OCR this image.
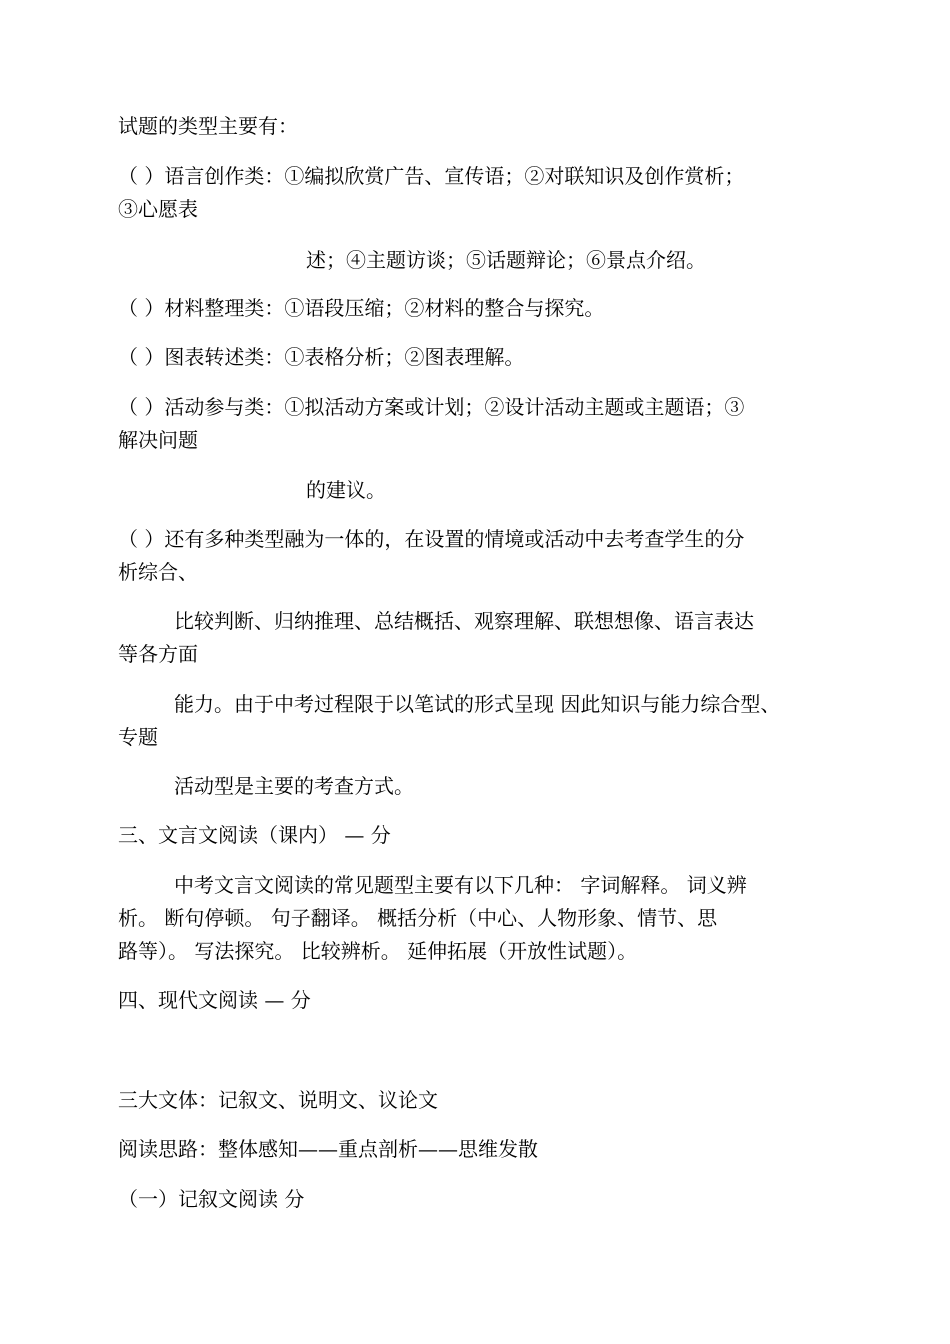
试题的类型主要有：
（ ）语言创作类：①编拟欣赏广告、宣传语；②对联知识及创作赏析；
③心愿表
述；④主题访谈；⑤话题辩论；⑥景点介绍。
（ ）材料整理类：①语段压缩；②材料的整合与探究。
（ ）图表转述类：①表格分析；②图表理解。
（ ）活动参与类：①拟活动方案或计划；②设计活动主题或主题语；③
解决问题
的建议。
（ ）还有多种类型融为一体的，在设置的情境或活动中去考查学生的分
析综合、
比较判断、归纳推理、总结概括、观察理解、联想想像、语言表达
等各方面
能力。由于中考过程限于以笔试的形式呈现 因此知识与能力综合型、
专题
活动型是主要的考查方式。
三、文言文阅读（课内） — 分
中考文言文阅读的常见题型主要有以下几种： 字词解释。 词义辨
析。 断句停顿。 句子翻译。 概括分析（中心、人物形象、情节、思
路等）。 写法探究。 比较辨析。 延伸拓展（开放性试题）。
四、现代文阅读 — 分
三大文体：记叙文、说明文、议论文
阅读思路：整体感知——重点剖析——思维发散
（一）记叙文阅读 分
